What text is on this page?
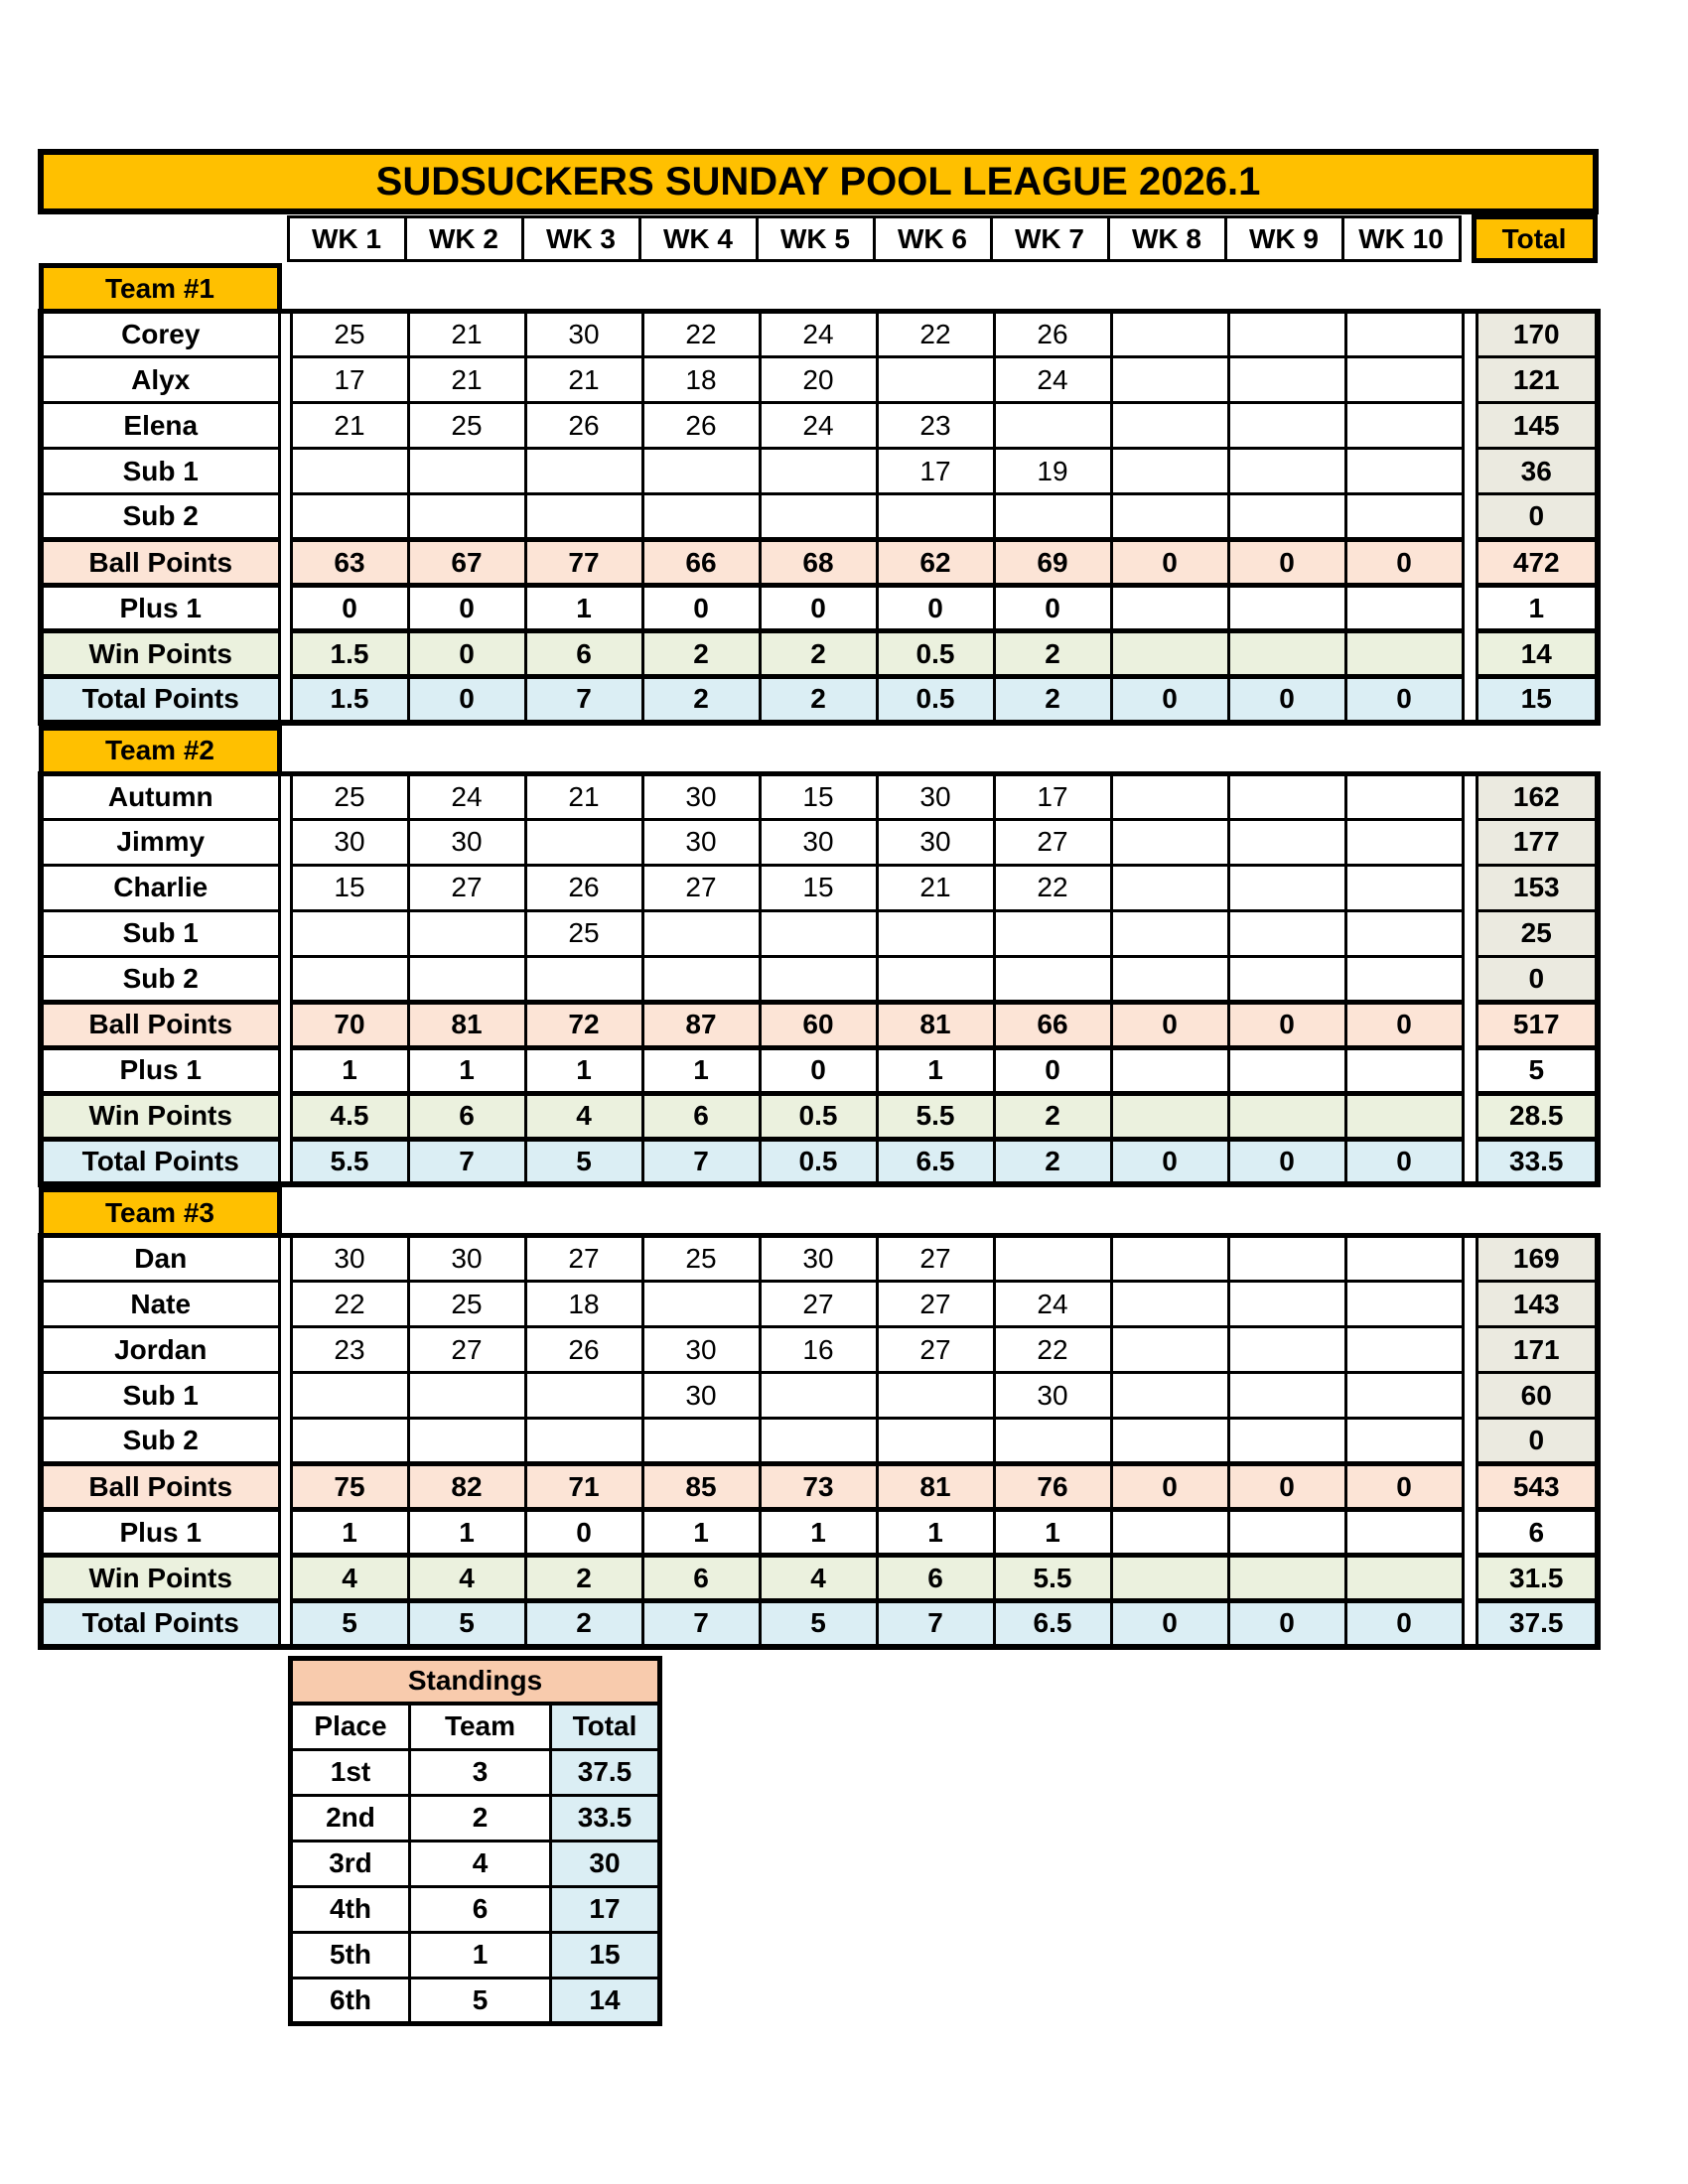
SUDSUCKERS SUNDAY POOL LEAGUE 2026.1
		WK 1	WK 2	WK 3	WK 4	WK 5	WK 6	WK 7	WK 8	WK 9	WK 10		Total
Team #1													
Corey		25	21	30	22	24	22	26					170
Alyx		17	21	21	18	20		24					121
Elena		21	25	26	26	24	23						145
Sub 1							17	19					36
Sub 2													0
Ball Points		63	67	77	66	68	62	69	0	0	0		472
Plus 1		0	0	1	0	0	0	0					1
Win Points		1.5	0	6	2	2	0.5	2					14
Total Points		1.5	0	7	2	2	0.5	2	0	0	0		15
Team #2													
Autumn		25	24	21	30	15	30	17					162
Jimmy		30	30		30	30	30	27					177
Charlie		15	27	26	27	15	21	22					153
Sub 1				25									25
Sub 2													0
Ball Points		70	81	72	87	60	81	66	0	0	0		517
Plus 1		1	1	1	1	0	1	0					5
Win Points		4.5	6	4	6	0.5	5.5	2					28.5
Total Points		5.5	7	5	7	0.5	6.5	2	0	0	0		33.5
Team #3													
Dan		30	30	27	25	30	27						169
Nate		22	25	18		27	27	24					143
Jordan		23	27	26	30	16	27	22					171
Sub 1					30			30					60
Sub 2													0
Ball Points		75	82	71	85	73	81	76	0	0	0		543
Plus 1		1	1	0	1	1	1	1					6
Win Points		4	4	2	6	4	6	5.5					31.5
Total Points		5	5	2	7	5	7	6.5	0	0	0		37.5
Standings		
Place	Team	Total
1st	3	37.5
2nd	2	33.5
3rd	4	30
4th	6	17
5th	1	15
6th	5	14
